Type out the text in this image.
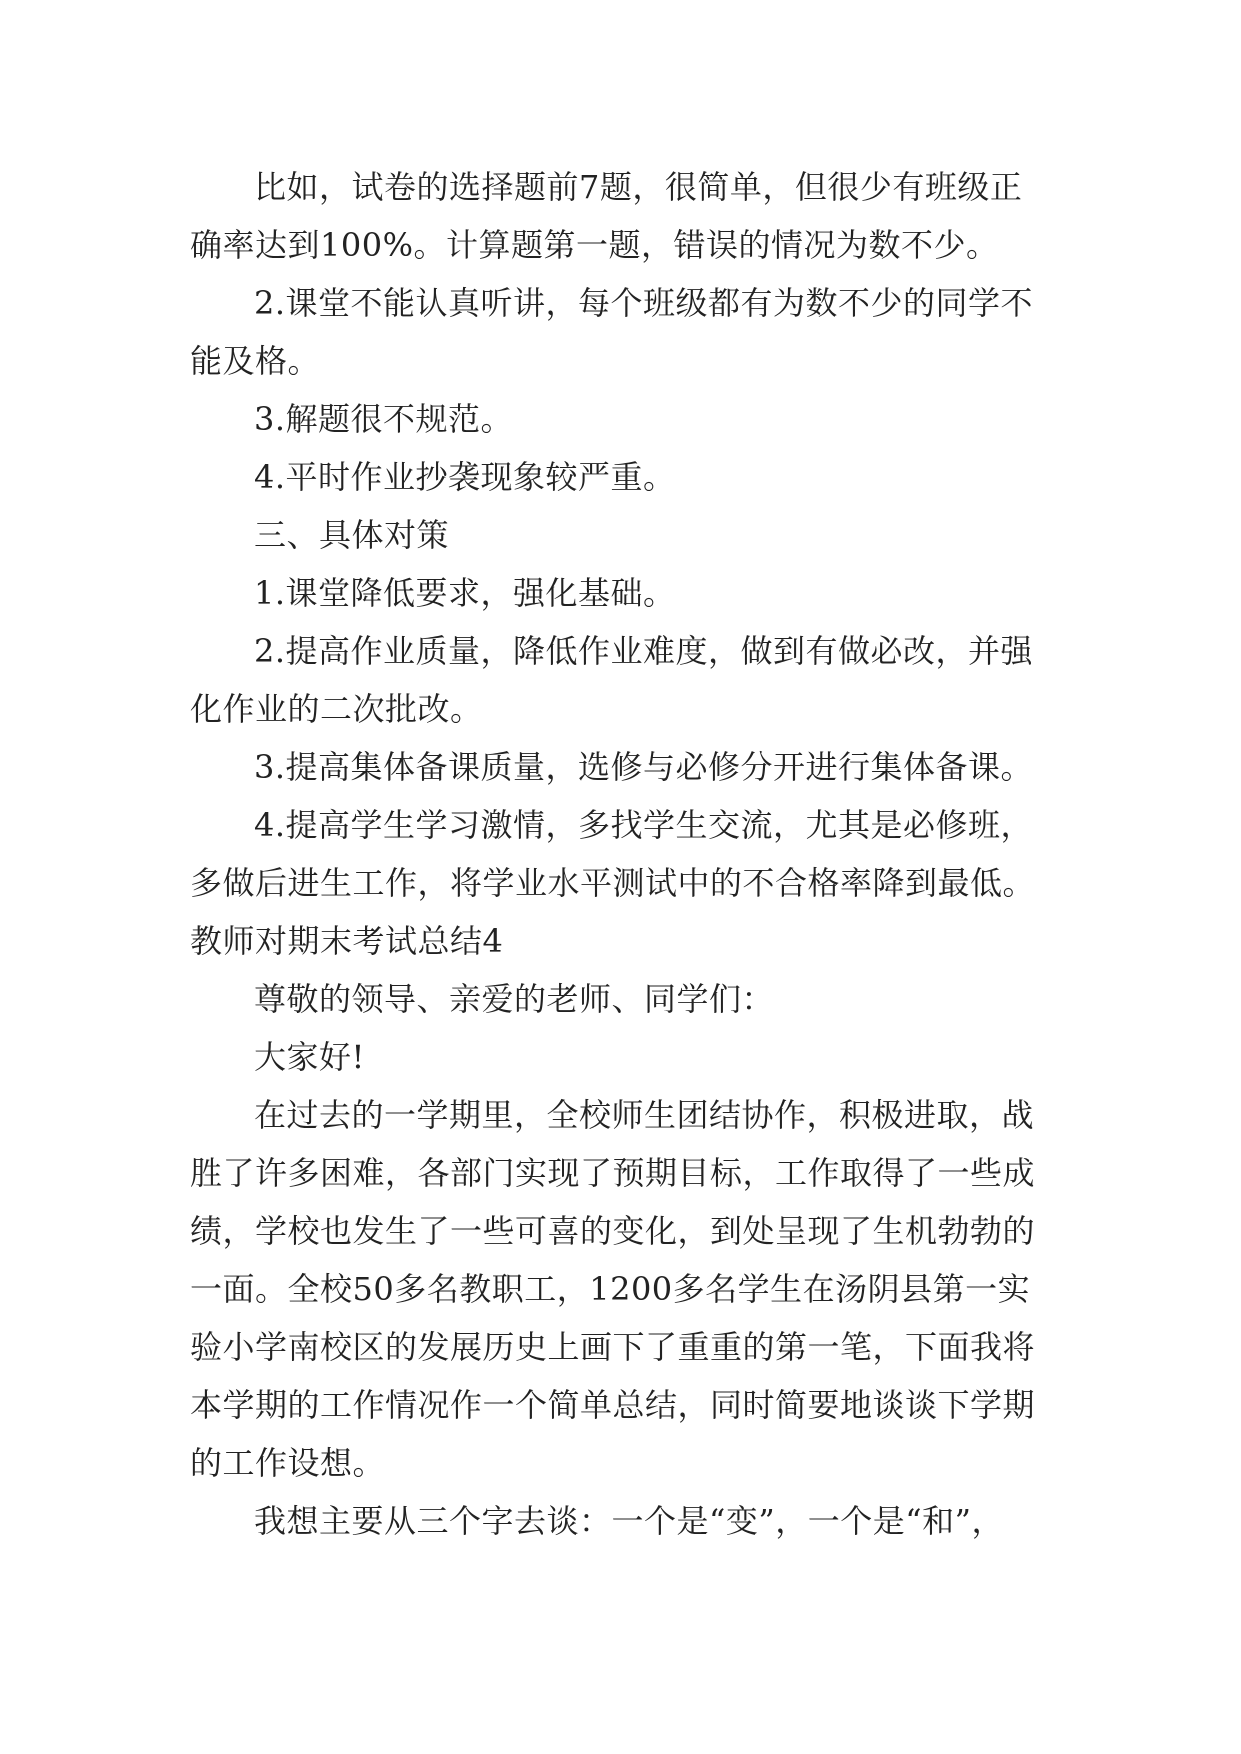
比如，试卷的选择题前7题，很简单，但很少有班级正
确率达到100%。计算题第一题，错误的情况为数不少。
2.课堂不能认真听讲，每个班级都有为数不少的同学不
能及格。
3.解题很不规范。
4.平时作业抄袭现象较严重。
三、具体对策
1.课堂降低要求，强化基础。
2.提高作业质量，降低作业难度，做到有做必改，并强
化作业的二次批改。
3.提高集体备课质量，选修与必修分开进行集体备课。
4.提高学生学习激情，多找学生交流，尤其是必修班，
多做后进生工作，将学业水平测试中的不合格率降到最低。
教师对期末考试总结4
尊敬的领导、亲爱的老师、同学们：
大家好!
在过去的一学期里，全校师生团结协作，积极进取，战
胜了许多困难，各部门实现了预期目标，工作取得了一些成
绩，学校也发生了一些可喜的变化，到处呈现了生机勃勃的
一面。全校50多名教职工，1200多名学生在汤阴县第一实
验小学南校区的发展历史上画下了重重的第一笔，下面我将
本学期的工作情况作一个简单总结，同时简要地谈谈下学期
的工作设想。
我想主要从三个字去谈：一个是“变”，一个是“和”，
